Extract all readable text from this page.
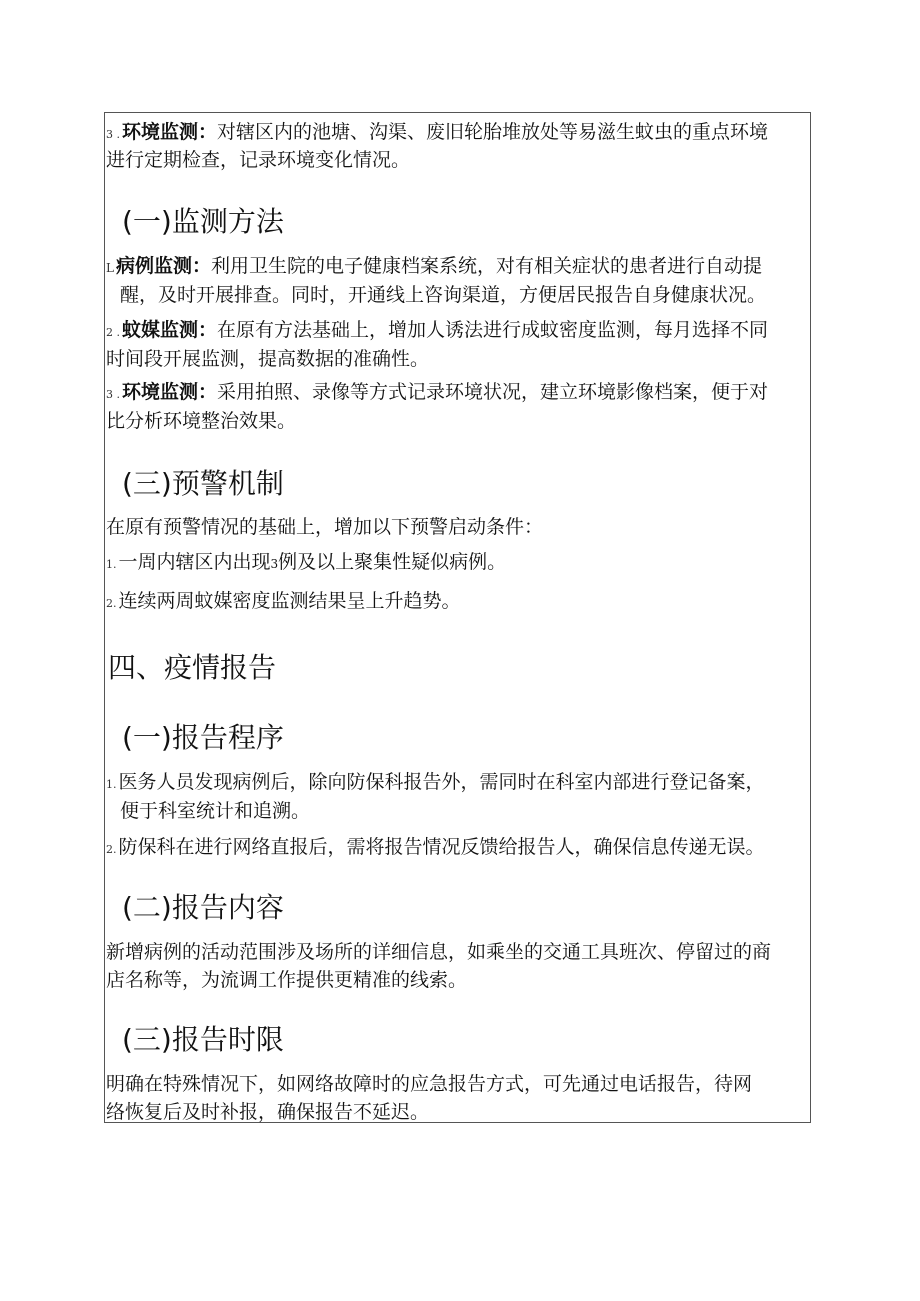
3 . 环境监测：对辖区内的池塘、沟渠、废旧轮胎堆放处等易滋生蚊虫的重点环境
进行定期检查，记录环境变化情况。
(一)监测方法
L 病例监测：利用卫生院的电子健康档案系统，对有相关症状的患者进行自动提
醒，及时开展排查。同时，开通线上咨询渠道，方便居民报告自身健康状况。
2 . 蚊媒监测：在原有方法基础上，增加人诱法进行成蚊密度监测，每月选择不同
时间段开展监测，提高数据的准确性。
3 . 环境监测：采用拍照、录像等方式记录环境状况，建立环境影像档案，便于对
比分析环境整治效果。
(三)预警机制
在原有预警情况的基础上，增加以下预警启动条件：
1. 一周内辖区内出现3例及以上聚集性疑似病例。
2. 连续两周蚊媒密度监测结果呈上升趋势。
四、疫情报告
(一)报告程序
1. 医务人员发现病例后，除向防保科报告外，需同时在科室内部进行登记备案，
便于科室统计和追溯。
2. 防保科在进行网络直报后，需将报告情况反馈给报告人，确保信息传递无误。
(二)报告内容
新增病例的活动范围涉及场所的详细信息，如乘坐的交通工具班次、停留过的商
店名称等，为流调工作提供更精准的线索。
(三)报告时限
明确在特殊情况下，如网络故障时的应急报告方式，可先通过电话报告，待网
络恢复后及时补报，确保报告不延迟。
